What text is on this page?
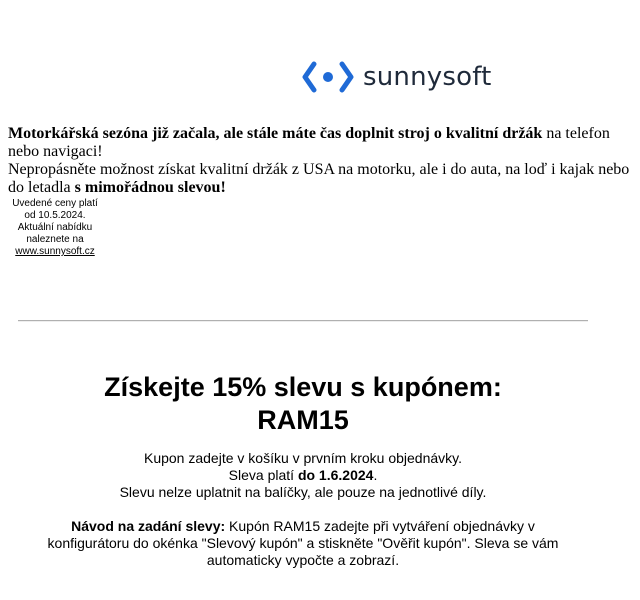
sunnysoft

Motorkářská sezóna již začala, ale stále máte čas doplnit stroj o kvalitní držák na telefon nebo navigaci!

Nepropásněte možnost získat kvalitní držák z USA na motorku, ale i do auta, na loď i kajak nebo do letadla s mimořádnou slevou!

Uvedené ceny platí
od 10.5.2024.
Aktuální nabídku
naleznete na
www.sunnysoft.cz
Získejte 15% slevu s kupónem:
RAM15

Kupon zadejte v košíku v prvním kroku objednávky.

Sleva platí do 1.6.2024.

Slevu nelze uplatnit na balíčky, ale pouze na jednotlivé díly.

Návod na zadání slevy: Kupón RAM15 zadejte při vytváření objednávky v konfigurátoru do okénka "Slevový kupón" a stiskněte "Ověřit kupón". Sleva se vám automaticky vypočte a zobrazí.
